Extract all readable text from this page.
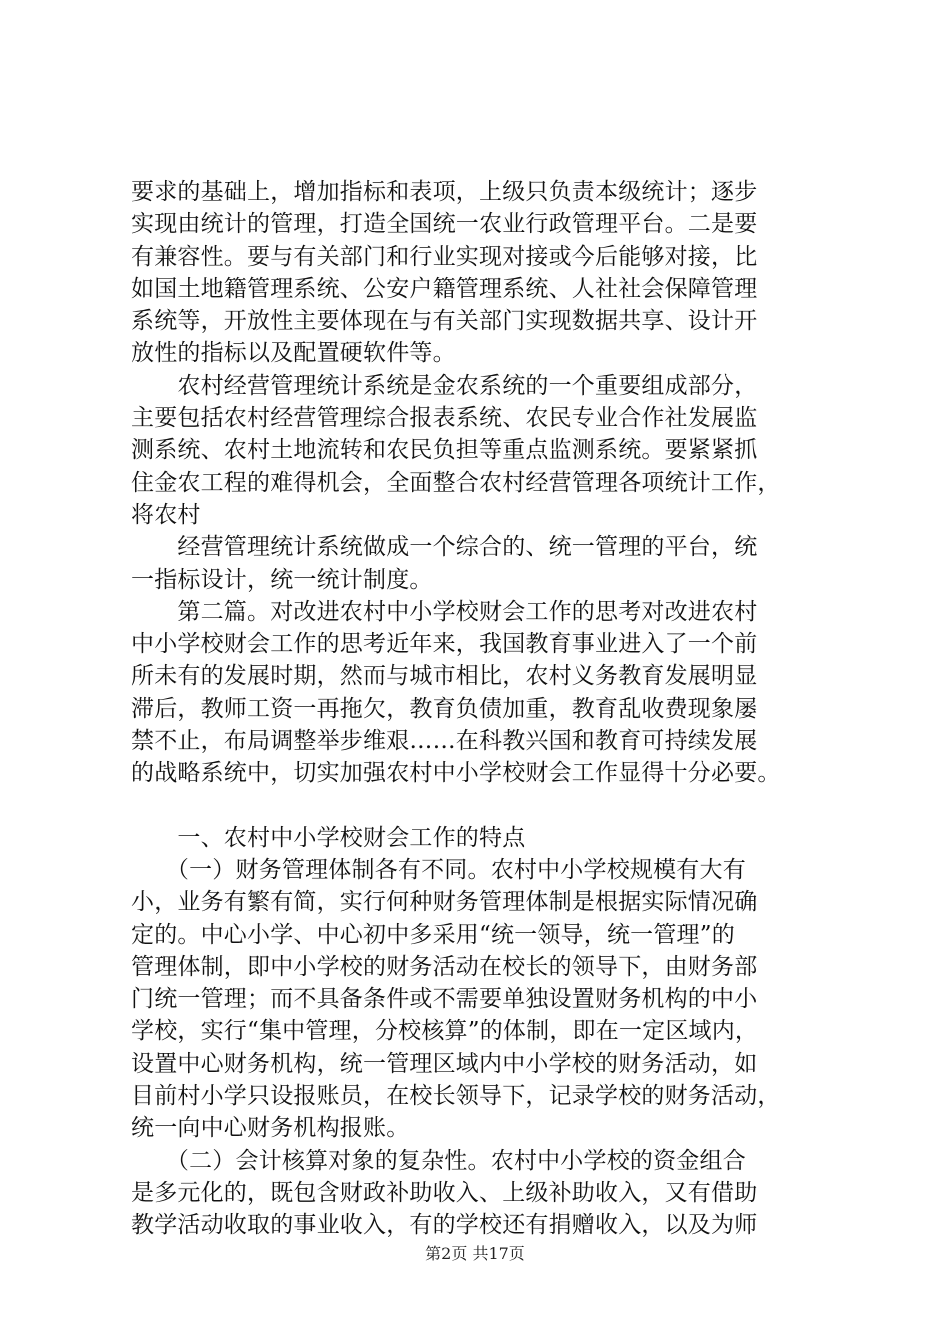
要求的基础上，增加指标和表项，上级只负责本级统计；逐步
实现由统计的管理，打造全国统一农业行政管理平台。二是要
有兼容性。要与有关部门和行业实现对接或今后能够对接，比
如国土地籍管理系统、公安户籍管理系统、人社社会保障管理
系统等，开放性主要体现在与有关部门实现数据共享、设计开
放性的指标以及配置硬软件等。
　　农村经营管理统计系统是金农系统的一个重要组成部分，
主要包括农村经营管理综合报表系统、农民专业合作社发展监
测系统、农村土地流转和农民负担等重点监测系统。要紧紧抓
住金农工程的难得机会，全面整合农村经营管理各项统计工作，
将农村
　　经营管理统计系统做成一个综合的、统一管理的平台，统
一指标设计，统一统计制度。
　　第二篇。对改进农村中小学校财会工作的思考对改进农村
中小学校财会工作的思考近年来，我国教育事业进入了一个前
所未有的发展时期，然而与城市相比，农村义务教育发展明显
滞后，教师工资一再拖欠，教育负债加重，教育乱收费现象屡
禁不止，布局调整举步维艰……在科教兴国和教育可持续发展
的战略系统中，切实加强农村中小学校财会工作显得十分必要。
　　一、农村中小学校财会工作的特点
　　（一）财务管理体制各有不同。农村中小学校规模有大有
小，业务有繁有简，实行何种财务管理体制是根据实际情况确
定的。中心小学、中心初中多采用“统一领导，统一管理”的
管理体制，即中小学校的财务活动在校长的领导下，由财务部
门统一管理；而不具备条件或不需要单独设置财务机构的中小
学校，实行“集中管理，分校核算”的体制，即在一定区域内，
设置中心财务机构，统一管理区域内中小学校的财务活动，如
目前村小学只设报账员，在校长领导下，记录学校的财务活动，
统一向中心财务机构报账。
　　（二）会计核算对象的复杂性。农村中小学校的资金组合
是多元化的，既包含财政补助收入、上级补助收入，又有借助
教学活动收取的事业收入，有的学校还有捐赠收入，以及为师
第2页 共17页
